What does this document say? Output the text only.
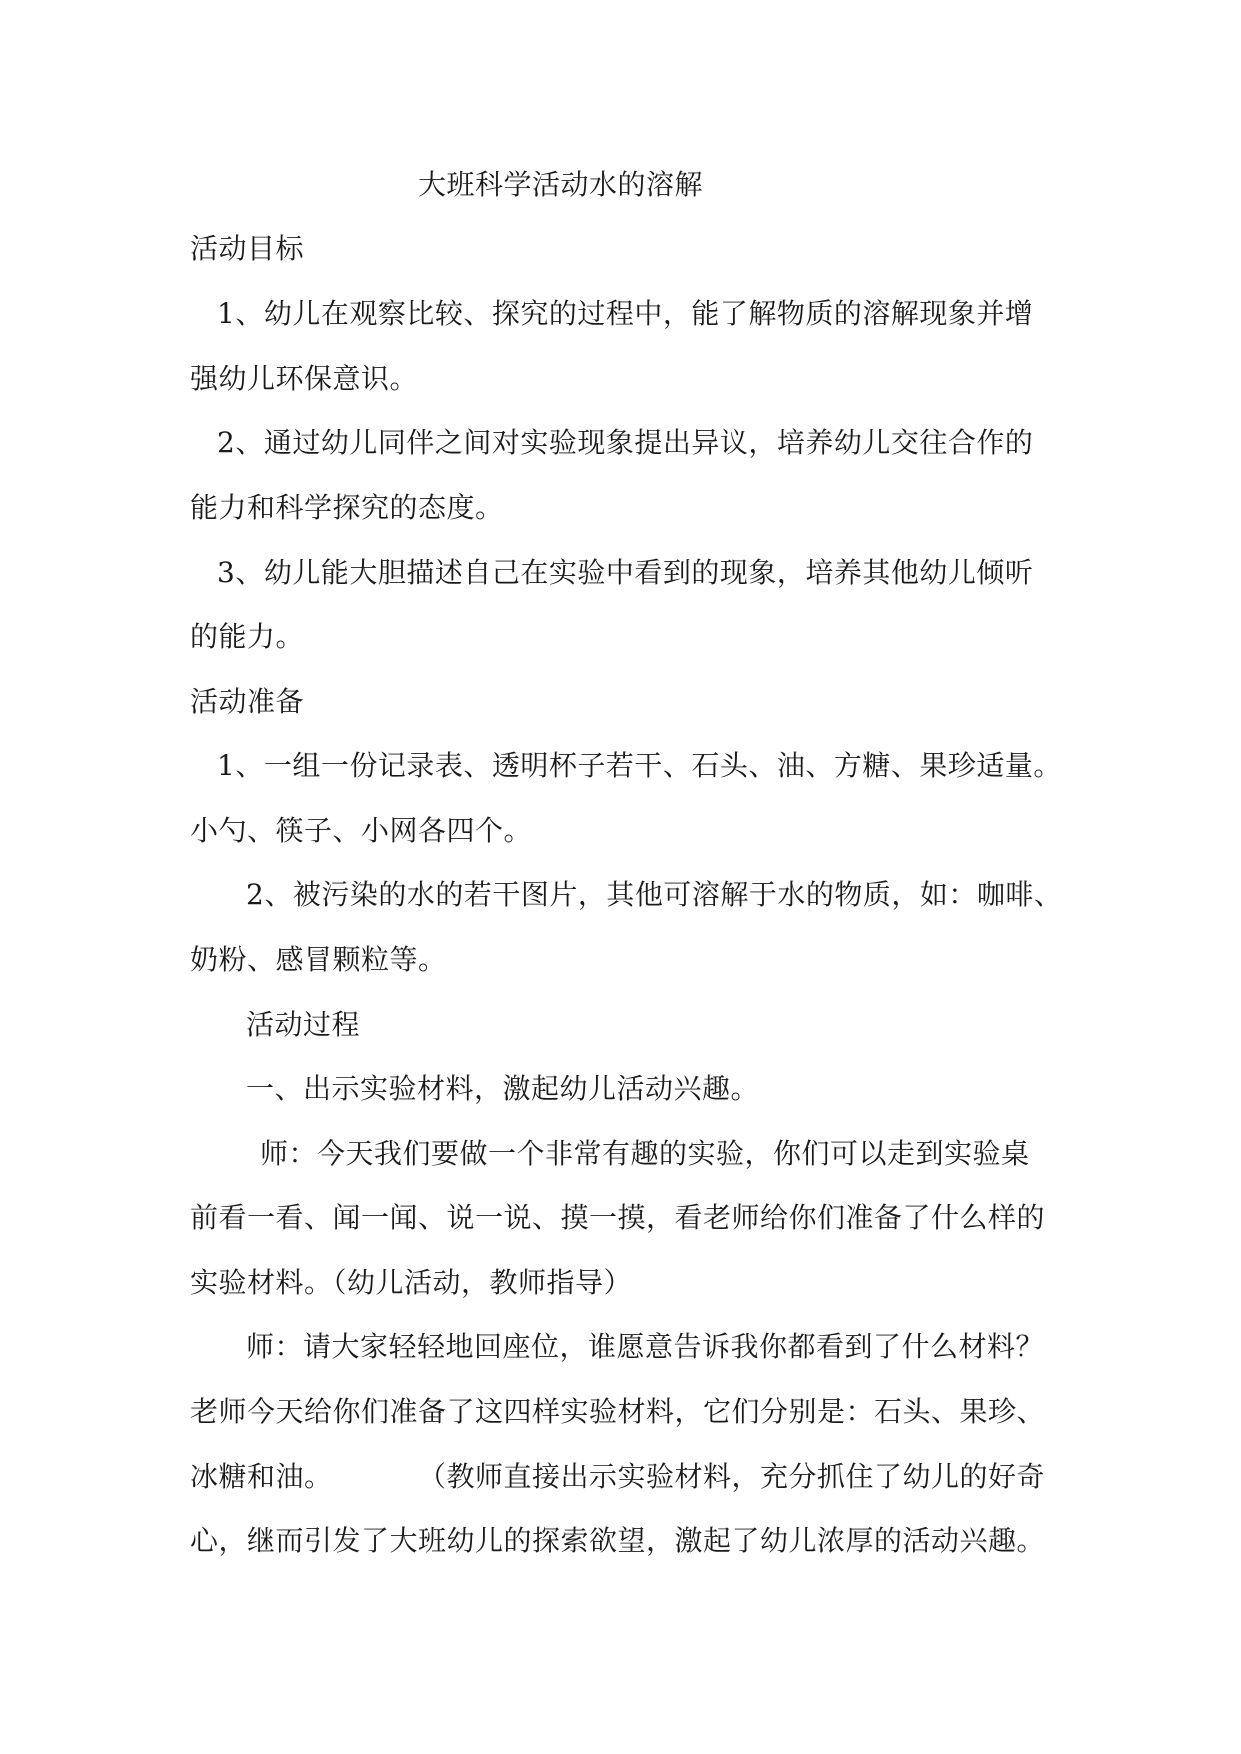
大班科学活动水的溶解
活动目标
1、幼儿在观察比较、探究的过程中，能了解物质的溶解现象并增
强幼儿环保意识。
2、通过幼儿同伴之间对实验现象提出异议，培养幼儿交往合作的
能力和科学探究的态度。
3、幼儿能大胆描述自己在实验中看到的现象，培养其他幼儿倾听
的能力。
活动准备
1、一组一份记录表、透明杯子若干、石头、油、方糖、果珍适量。
小勺、筷子、小网各四个。
2、被污染的水的若干图片，其他可溶解于水的物质，如：咖啡、
奶粉、感冒颗粒等。
活动过程
一、出示实验材料，激起幼儿活动兴趣。
师：今天我们要做一个非常有趣的实验，你们可以走到实验桌
前看一看、闻一闻、说一说、摸一摸，看老师给你们准备了什么样的
实验材料。（幼儿活动，教师指导）
师：请大家轻轻地回座位，谁愿意告诉我你都看到了什么材料？
老师今天给你们准备了这四样实验材料，它们分别是：石头、果珍、
冰糖和油。	（教师直接出示实验材料，充分抓住了幼儿的好奇
心，继而引发了大班幼儿的探索欲望，激起了幼儿浓厚的活动兴趣。
